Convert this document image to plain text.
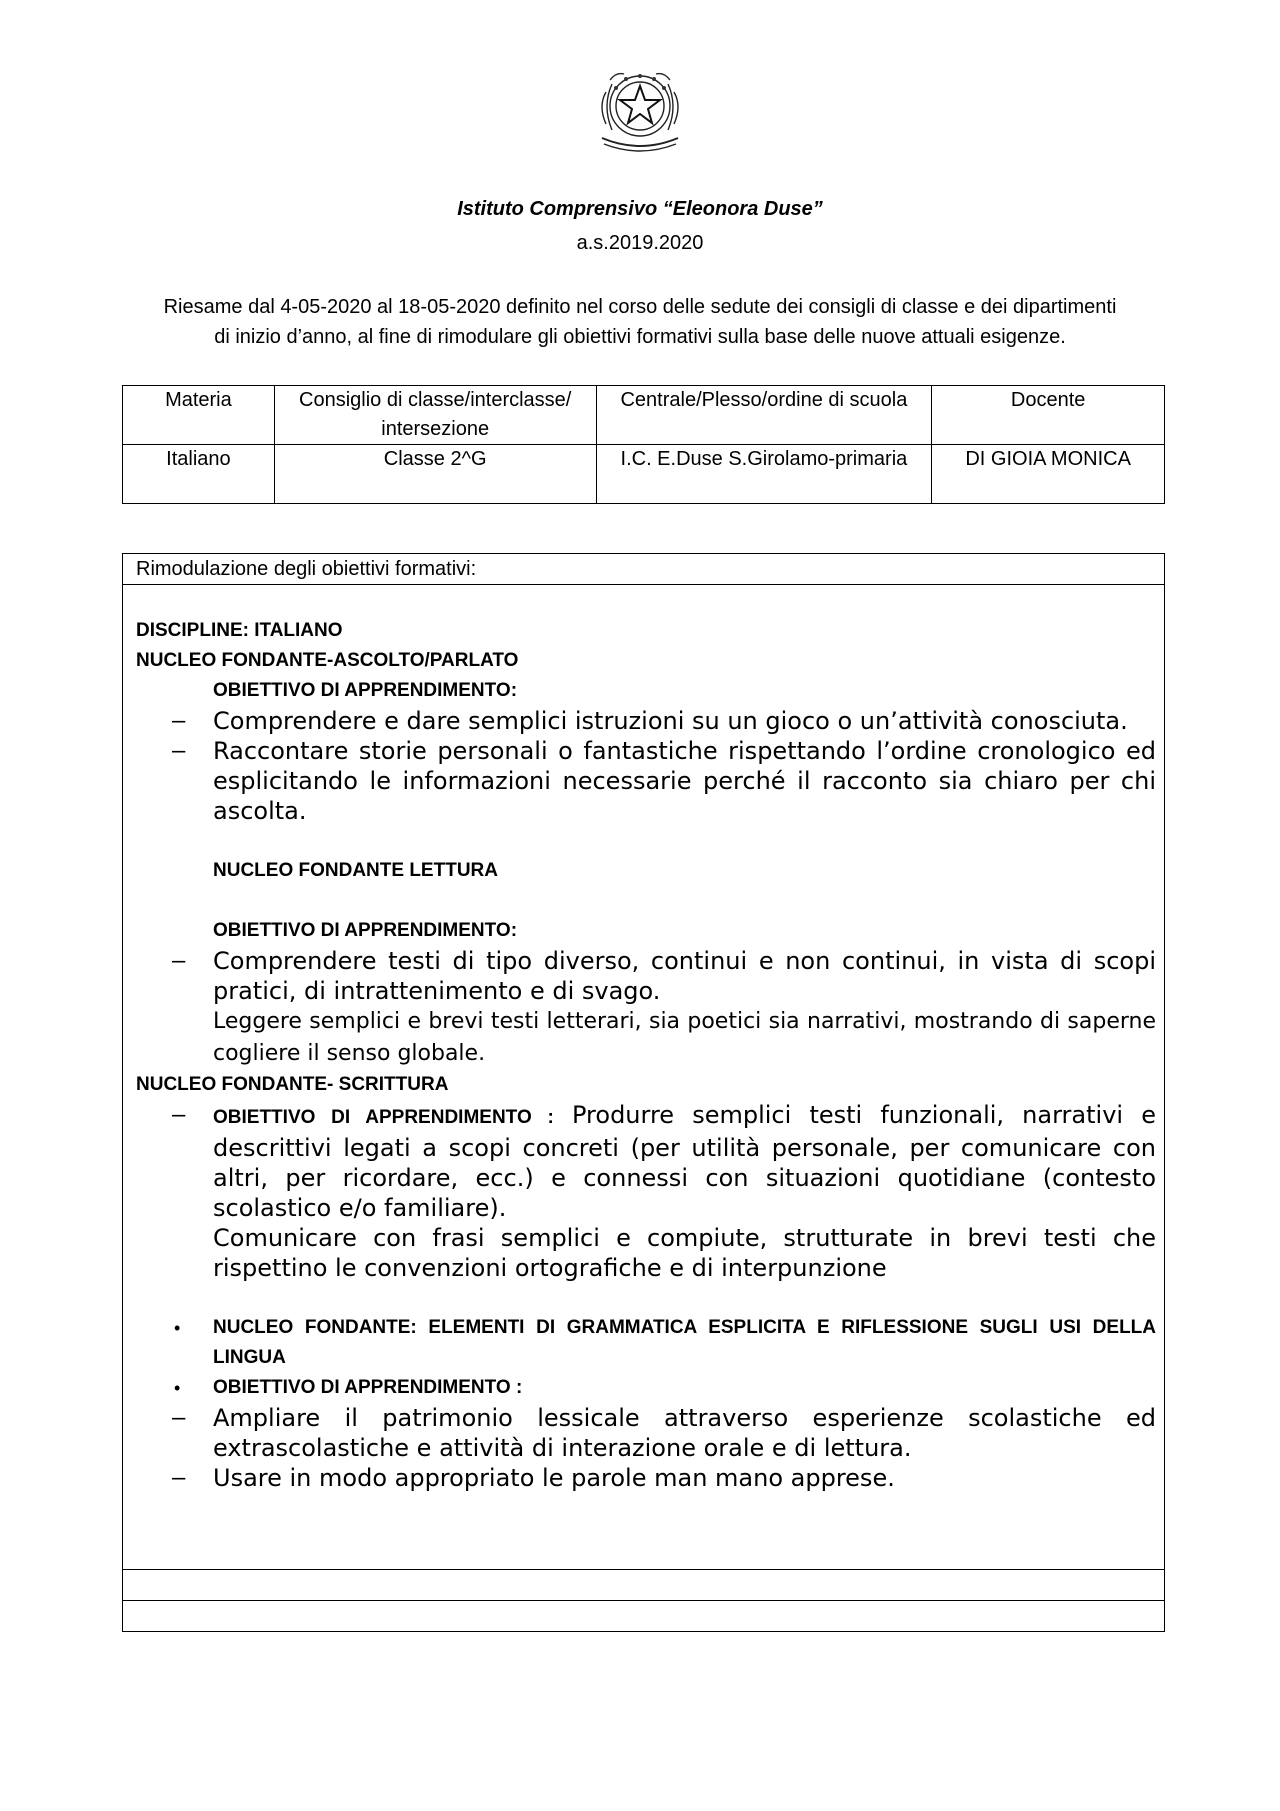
Istituto Comprensivo “Eleonora Duse”
a.s.2019.2020
Riesame dal 4-05-2020 al 18-05-2020 definito nel corso delle sedute dei consigli di classe e dei dipartimenti
di inizio d’anno, al fine di rimodulare gli obiettivi formativi sulla base delle nuove attuali esigenze.
Materia	Consiglio di classe/interclasse/ intersezione	Centrale/Plesso/ordine di scuola	Docente
Italiano	Classe 2^G	I.C. E.Duse S.Girolamo-primaria	DI GIOIA MONICA
Rimodulazione degli obiettivi formativi:

DISCIPLINE: ITALIANO
NUCLEO FONDANTE-ASCOLTO/PARLATO
OBIETTIVO DI APPRENDIMENTO:
– Comprendere e dare semplici istruzioni su un gioco o un’attività conosciuta.
– Raccontare storie personali o fantastiche rispettando l’ordine cronologico ed esplicitando le informazioni necessarie perché il racconto sia chiaro per chi ascolta.
NUCLEO FONDANTE LETTURA
OBIETTIVO DI APPRENDIMENTO:
– Comprendere testi di tipo diverso, continui e non continui, in vista di scopi pratici, di intrattenimento e di svago.
Leggere semplici e brevi testi letterari, sia poetici sia narrativi, mostrando di saperne cogliere il senso globale.
NUCLEO FONDANTE- SCRITTURA
– OBIETTIVO DI APPRENDIMENTO : Produrre semplici testi funzionali, narrativi e descrittivi legati a scopi concreti (per utilità personale, per comunicare con altri, per ricordare, ecc.) e connessi con situazioni quotidiane (contesto scolastico e/o familiare).
Comunicare con frasi semplici e compiute, strutturate in brevi testi che rispettino le convenzioni ortografiche e di interpunzione
• NUCLEO FONDANTE: ELEMENTI DI GRAMMATICA ESPLICITA E RIFLESSIONE SUGLI USI DELLA LINGUA
• OBIETTIVO DI APPRENDIMENTO :
– Ampliare il patrimonio lessicale attraverso esperienze scolastiche ed extrascolastiche e attività di interazione orale e di lettura.
– Usare in modo appropriato le parole man mano apprese.
